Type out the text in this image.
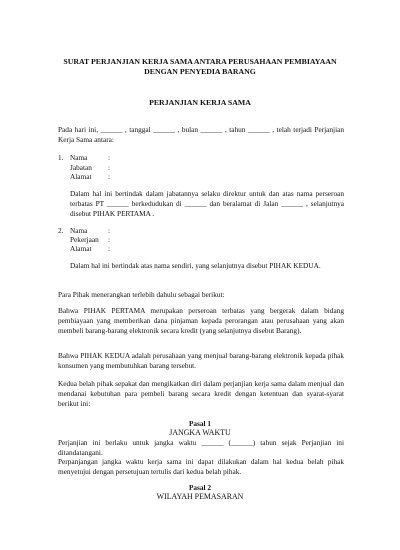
SURAT PERJANJIAN KERJA SAMA ANTARA PERUSAHAAN PEMBIAYAAN
DENGAN PENYEDIA BARANG
PERJANJIAN KERJA SAMA
Pada hari ini, ______ , tanggal ______ , bulan ______ , tahun ______ , telah terjadi Perjanjian Kerja Sama antara:
1. Nama	:
Jabatan	:
Alamat	:
Dalam hal ini bertindak dalam jabatannya selaku direktur untuk dan atas nama perseroan terbatas PT ______ berkedudukan di ______ dan beralamat di Jalan ______ , selanjutnya disebut PIHAK PERTAMA .
2. Nama	:
Pekerjaan	:
Alamat	:
Dalam hal ini bertindak atas nama sendiri, yang selanjutnya disebut PIHAK KEDUA.
Para Pihak menerangkan terlebih dahulu sebagai berikut:
Bahwa PIHAK PERTAMA merupakan perseroan terbatas yang bergerak dalam bidang pembiayaan yang memberikan dana pinjaman kepada perorangan atau perusahaan yang akan membeli barang-barang elektronik secara kredit (yang selanjutnya disebut Barang).
Bahwa PIHAK KEDUA adalah perusahaan yang menjual barang-barang elektronik kepada pihak konsumen yang membutuhkan barang tersebut.
Kedua belah pihak sepakat dan mengikatkan diri dalam perjanjian kerja sama dalam menjual dan mendanai kebutuhan para pembeli barang secara kredit dengan ketentuan dan syarat-syarat berikut ini:
Pasal 1
JANGKA WAKTU
Perjanjian ini berlaku untuk jangka waktu ______ (______) tahun sejak Perjanjian ini ditandatangani.
Perpanjangan jangka waktu kerja sama ini dapat dilakukan dalam hal kedua belah pihak menyetujui dengan persetujuan tertulis dari kedua belah pihak.
Pasal 2
WILAYAH PEMASARAN
